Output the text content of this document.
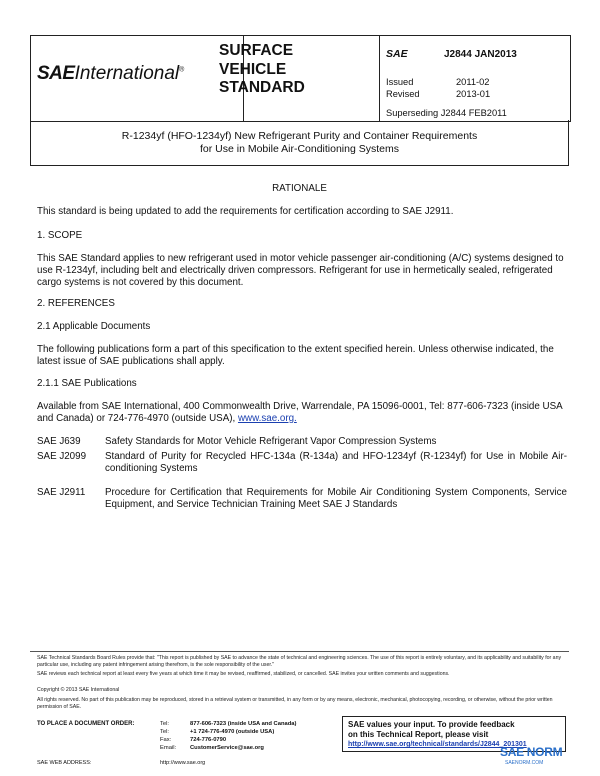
SAEInternational®
SURFACE
VEHICLE
STANDARD
SAE	J2844 JAN2013
Issued	2011-02
Revised	2013-01
Superseding J2844 FEB2011
R-1234yf (HFO-1234yf) New Refrigerant Purity and Container Requirements
for Use in Mobile Air-Conditioning Systems
RATIONALE
This standard is being updated to add the requirements for certification according to SAE J2911.
1. SCOPE
This SAE Standard applies to new refrigerant used in motor vehicle passenger air-conditioning (A/C) systems designed to
use R-1234yf, including belt and electrically driven compressors. Refrigerant for use in hermetically sealed, refrigerated
cargo systems is not covered by this document.
2. REFERENCES
2.1 Applicable Documents
The following publications form a part of this specification to the extent specified herein. Unless otherwise indicated, the
latest issue of SAE publications shall apply.
2.1.1 SAE Publications
Available from SAE International, 400 Commonwealth Drive, Warrendale, PA 15096-0001, Tel: 877-606-7323 (inside USA
and Canada) or 724-776-4970 (outside USA), www.sae.org.
SAE J639 Safety Standards for Motor Vehicle Refrigerant Vapor Compression Systems
SAE J2099 Standard of Purity for Recycled HFC-134a (R-134a) and HFO-1234yf (R-1234yf) for Use in Mobile Air-conditioning Systems
SAE J2911 Procedure for Certification that Requirements for Mobile Air Conditioning System Components, Service Equipment, and Service Technician Training Meet SAE J Standards
SAE Technical Standards Board Rules provide that: "This report is published by SAE to advance the state of technical and engineering sciences. The use of this report is entirely voluntary, and its applicability and suitability for any particular use, including any patent infringement arising therefrom, is the sole responsibility of the user."
SAE reviews each technical report at least every five years at which time it may be revised, reaffirmed, stabilized, or cancelled. SAE invites your written comments and suggestions.
Copyright © 2013 SAE International
All rights reserved. No part of this publication may be reproduced, stored in a retrieval system or transmitted, in any form or by any means, electronic, mechanical, photocopying, recording, or otherwise, without the prior written permission of SAE.
TO PLACE A DOCUMENT ORDER:	Tel:	877-606-7323 (inside USA and Canada)
Tel:	+1 724-776-4970 (outside USA)
Fax:	724-776-0790
Email: CustomerService@sae.org
SAE WEB ADDRESS:	http://www.sae.org
SAE values your input. To provide feedback
on this Technical Report, please visit
http://www.sae.org/technical/standards/J2844_201301
SAE NORM
SAENORM.COM
